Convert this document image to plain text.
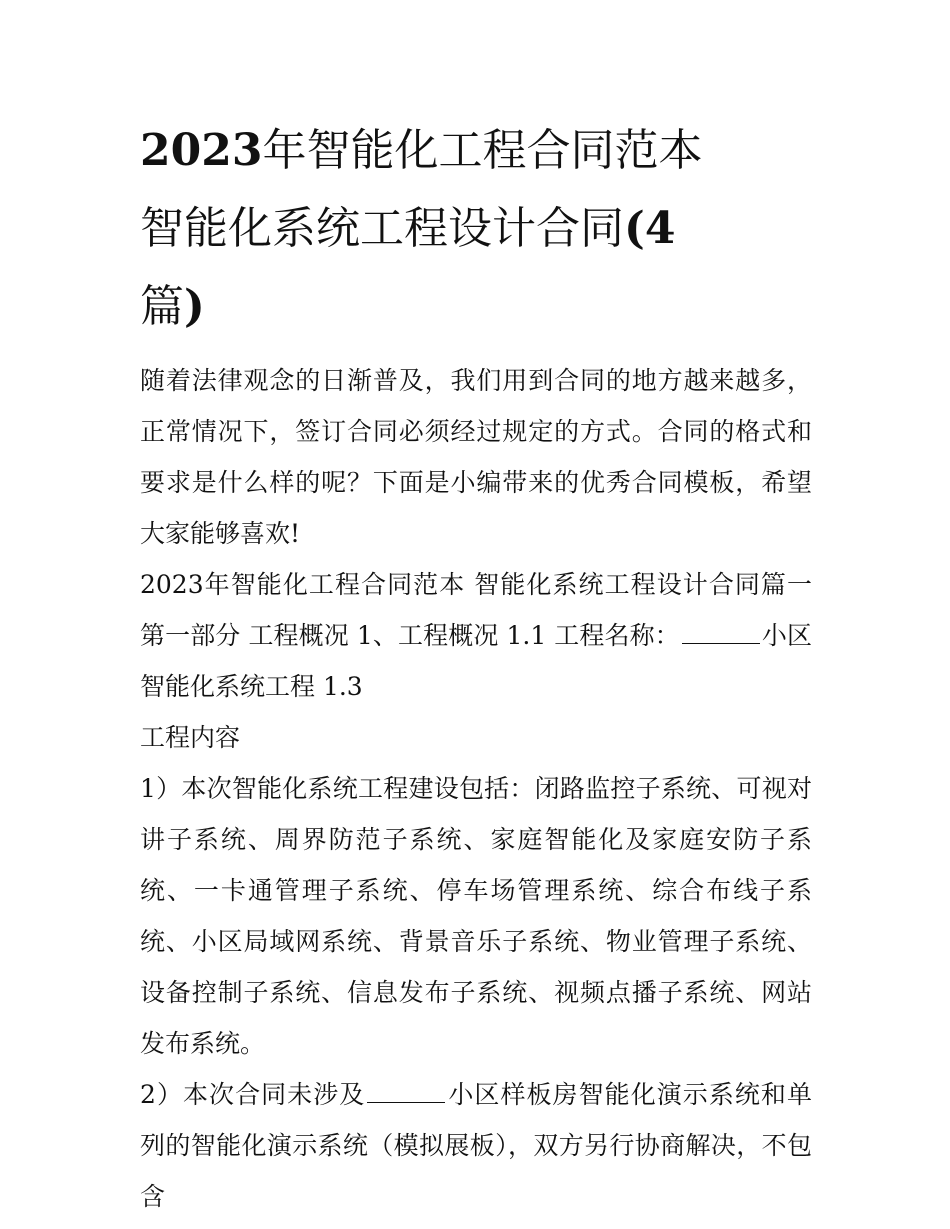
2023年智能化工程合同范本
智能化系统工程设计合同(4
篇)

随着法律观念的日渐普及，我们用到合同的地方越来越多，正常情况下，签订合同必须经过规定的方式。合同的格式和要求是什么样的呢？下面是小编带来的优秀合同模板，希望大家能够喜欢!

2023年智能化工程合同范本 智能化系统工程设计合同篇一 第一部分 工程概况 1、工程概况 1.1 工程名称：	小区智能化系统工程 1.3

工程内容

1）本次智能化系统工程建设包括：闭路监控子系统、可视对讲子系统、周界防范子系统、家庭智能化及家庭安防子系统、一卡通管理子系统、停车场管理系统、综合布线子系统、小区局域网系统、背景音乐子系统、物业管理子系统、设备控制子系统、信息发布子系统、视频点播子系统、网站发布系统。

2）本次合同未涉及	小区样板房智能化演示系统和单列的智能化演示系统（模拟展板），双方另行协商解决，不包含
